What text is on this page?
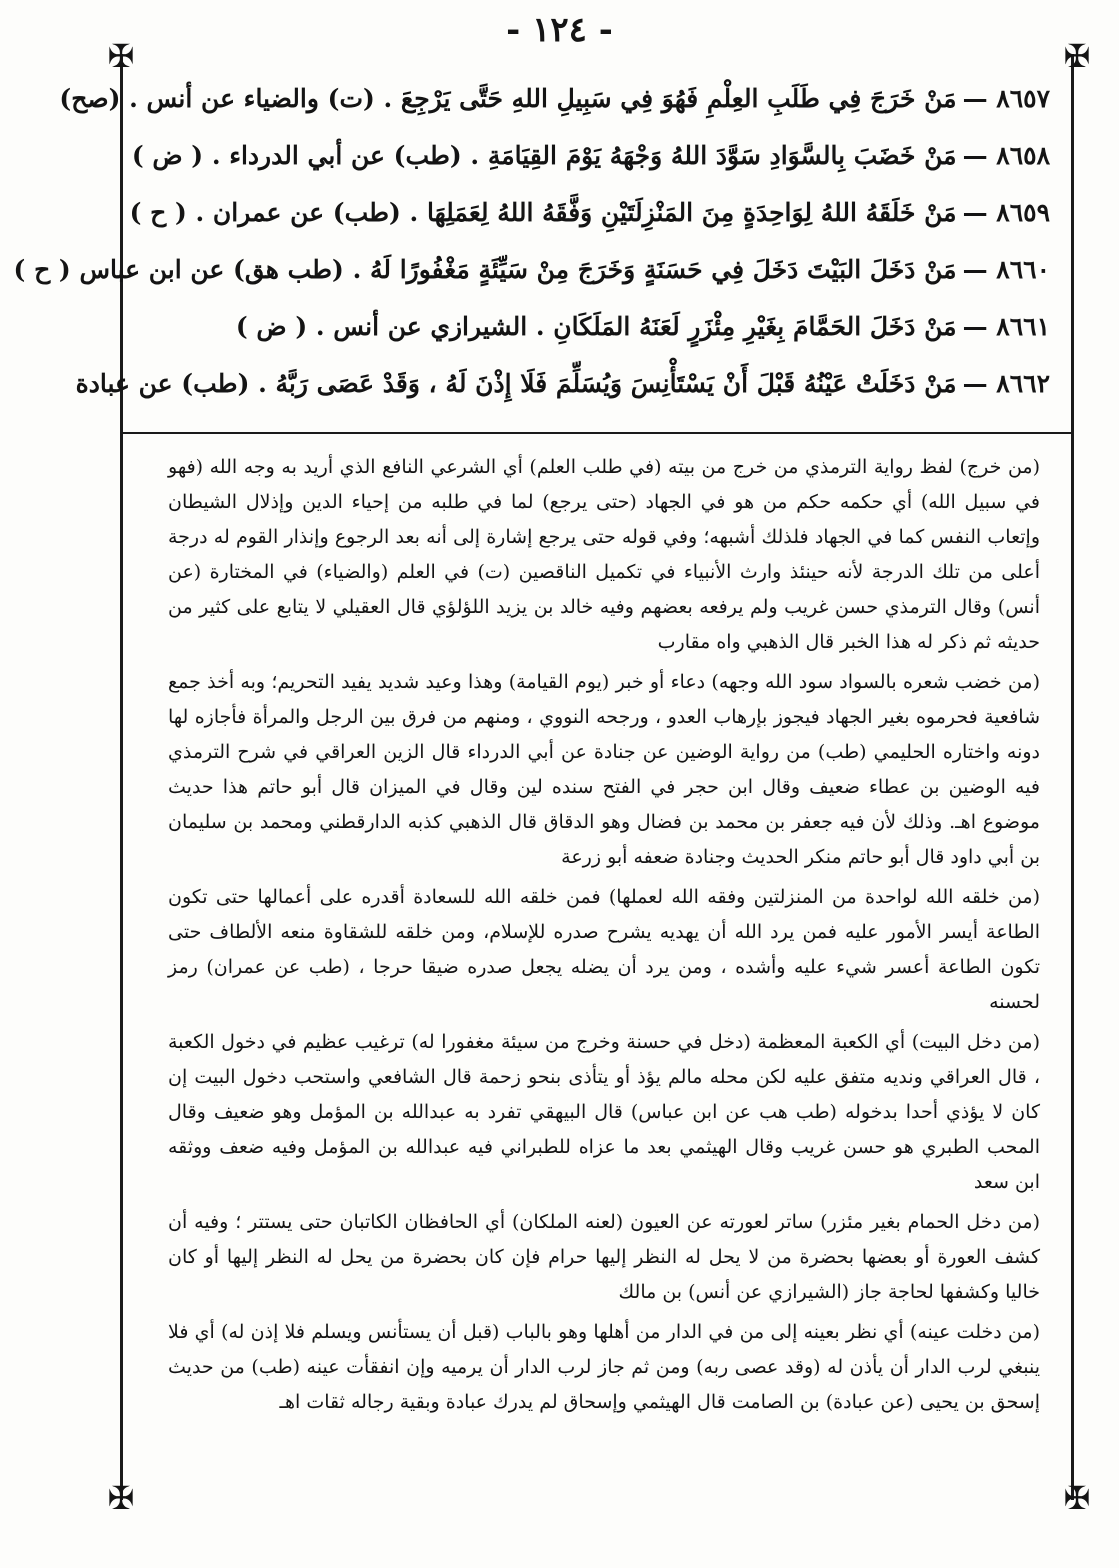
- ١٢٤ -
✠	✠
✠	✠
٨٦٥٧ —مَنْ خَرَجَ فِي طَلَبِ العِلْمِ فَهُوَ فِي سَبِيلِ اللهِ حَتَّى يَرْجِعَ . (ت) والضياء عن أنس . (صح)
٨٦٥٨ —مَنْ خَضَبَ بِالسَّوَادِ سَوَّدَ اللهُ وَجْهَهُ يَوْمَ القِيَامَةِ . (طب) عن أبي الدرداء . ( ض )
٨٦٥٩ —مَنْ خَلَقَهُ اللهُ لِوَاحِدَةٍ مِنَ المَنْزِلَتَيْنِ وَفَّقَهُ اللهُ لِعَمَلِهَا . (طب) عن عمران . ( ح )
٨٦٦٠ —مَنْ دَخَلَ البَيْتَ دَخَلَ فِي حَسَنَةٍ وَخَرَجَ مِنْ سَيِّئَةٍ مَغْفُورًا لَهُ . (طب هق) عن ابن عباس ( ح )
٨٦٦١ —مَنْ دَخَلَ الحَمَّامَ بِغَيْرِ مِئْزَرٍ لَعَنَهُ المَلَكَانِ . الشيرازي عن أنس . ( ض )
٨٦٦٢ —مَنْ دَخَلَتْ عَيْنُهُ قَبْلَ أَنْ يَسْتَأْنِسَ وَيُسَلِّمَ فَلَا إِذْنَ لَهُ ، وَقَدْ عَصَى رَبَّهُ . (طب) عن عبادة

(من خرج) لفظ رواية الترمذي من خرج من بيته (في طلب العلم) أي الشرعي النافع الذي أريد به وجه الله (فهو في سبيل الله) أي حكمه حكم من هو في الجهاد (حتى يرجع) لما في طلبه من إحياء الدين وإذلال الشيطان وإتعاب النفس كما في الجهاد فلذلك أشبهه؛ وفي قوله حتى يرجع إشارة إلى أنه بعد الرجوع وإنذار القوم له درجة أعلى من تلك الدرجة لأنه حينئذ وارث الأنبياء في تكميل الناقصين (ت) في العلم (والضياء) في المختارة (عن أنس) وقال الترمذي حسن غريب ولم يرفعه بعضهم وفيه خالد بن يزيد اللؤلؤي قال العقيلي لا يتابع على كثير من حديثه ثم ذكر له هذا الخبر قال الذهبي واه مقارب

(من خضب شعره بالسواد سود الله وجهه) دعاء أو خبر (يوم القيامة) وهذا وعيد شديد يفيد التحريم؛ وبه أخذ جمع شافعية فحرموه بغير الجهاد فيجوز بإرهاب العدو ، ورجحه النووي ، ومنهم من فرق بين الرجل والمرأة فأجازه لها دونه واختاره الحليمي (طب) من رواية الوضين عن جنادة عن أبي الدرداء قال الزين العراقي في شرح الترمذي فيه الوضين بن عطاء ضعيف وقال ابن حجر في الفتح سنده لين وقال في الميزان قال أبو حاتم هذا حديث موضوع اهـ. وذلك لأن فيه جعفر بن محمد بن فضال وهو الدقاق قال الذهبي كذبه الدارقطني ومحمد بن سليمان بن أبي داود قال أبو حاتم منكر الحديث وجنادة ضعفه أبو زرعة

(من خلقه الله لواحدة من المنزلتين وفقه الله لعملها) فمن خلقه الله للسعادة أقدره على أعمالها حتى تكون الطاعة أيسر الأمور عليه فمن يرد الله أن يهديه يشرح صدره للإسلام، ومن خلقه للشقاوة منعه الألطاف حتى تكون الطاعة أعسر شيء عليه وأشده ، ومن يرد أن يضله يجعل صدره ضيقا حرجا ، (طب عن عمران) رمز لحسنه

(من دخل البيت) أي الكعبة المعظمة (دخل في حسنة وخرج من سيئة مغفورا له) ترغيب عظيم في دخول الكعبة ، قال العراقي ونديه متفق عليه لكن محله مالم يؤذ أو يتأذى بنحو زحمة قال الشافعي واستحب دخول البيت إن كان لا يؤذي أحدا بدخوله (طب هب عن ابن عباس) قال البيهقي تفرد به عبدالله بن المؤمل وهو ضعيف وقال المحب الطبري هو حسن غريب وقال الهيثمي بعد ما عزاه للطبراني فيه عبدالله بن المؤمل وفيه ضعف ووثقه ابن سعد

(من دخل الحمام بغير مئزر) ساتر لعورته عن العيون (لعنه الملكان) أي الحافظان الكاتبان حتى يستتر ؛ وفيه أن كشف العورة أو بعضها بحضرة من لا يحل له النظر إليها حرام فإن كان بحضرة من يحل له النظر إليها أو كان خاليا وكشفها لحاجة جاز (الشيرازي عن أنس) بن مالك

(من دخلت عينه) أي نظر بعينه إلى من في الدار من أهلها وهو بالباب (قبل أن يستأنس ويسلم فلا إذن له) أي فلا ينبغي لرب الدار أن يأذن له (وقد عصى ربه) ومن ثم جاز لرب الدار أن يرميه وإن انفقأت عينه (طب) من حديث إسحق بن يحيى (عن عبادة) بن الصامت قال الهيثمي وإسحاق لم يدرك عبادة وبقية رجاله ثقات اهـ
